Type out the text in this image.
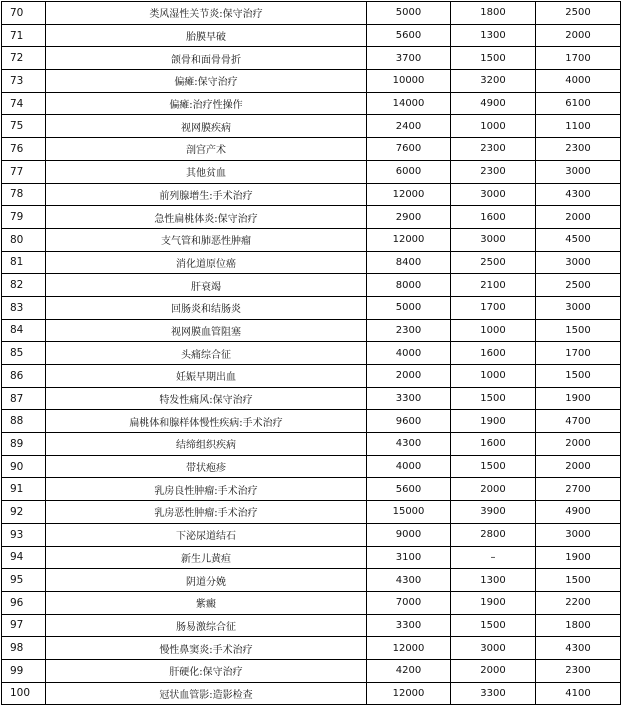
70	类风湿性关节炎:保守治疗	5000	1800	2500
71	胎膜早破	5600	1300	2000
72	颌骨和面骨骨折	3700	1500	1700
73	偏瘫:保守治疗	10000	3200	4000
74	偏瘫:治疗性操作	14000	4900	6100
75	视网膜疾病	2400	1000	1100
76	剖宫产术	7600	2300	2300
77	其他贫血	6000	2300	3000
78	前列腺增生:手术治疗	12000	3000	4300
79	急性扁桃体炎:保守治疗	2900	1600	2000
80	支气管和肺恶性肿瘤	12000	3000	4500
81	消化道原位癌	8400	2500	3000
82	肝衰竭	8000	2100	2500
83	回肠炎和结肠炎	5000	1700	3000
84	视网膜血管阻塞	2300	1000	1500
85	头痛综合征	4000	1600	1700
86	妊娠早期出血	2000	1000	1500
87	特发性痛风:保守治疗	3300	1500	1900
88	扁桃体和腺样体慢性疾病:手术治疗	9600	1900	4700
89	结缔组织疾病	4300	1600	2000
90	带状疱疹	4000	1500	2000
91	乳房良性肿瘤:手术治疗	5600	2000	2700
92	乳房恶性肿瘤:手术治疗	15000	3900	4900
93	下泌尿道结石	9000	2800	3000
94	新生儿黄疸	3100	–	1900
95	阴道分娩	4300	1300	1500
96	紫癜	7000	1900	2200
97	肠易激综合征	3300	1500	1800
98	慢性鼻窦炎:手术治疗	12000	3000	4300
99	肝硬化:保守治疗	4200	2000	2300
100	冠状血管影:造影检查	12000	3300	4100
